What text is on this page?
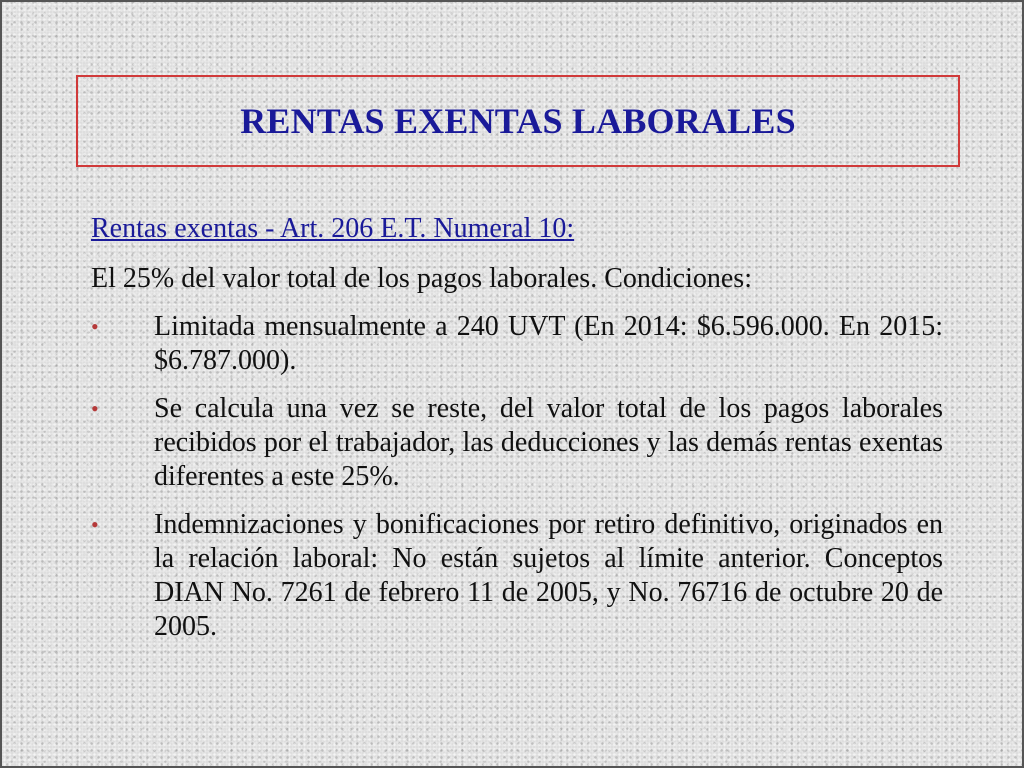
RENTAS EXENTAS LABORALES

Rentas exentas - Art. 206 E.T. Numeral 10:

El 25% del valor total de los pagos laborales. Condiciones:

• Limitada mensualmente a 240 UVT (En 2014: $6.596.000. En 2015: $6.787.000).
• Se calcula una vez se reste, del valor total de los pagos laborales recibidos por el trabajador, las deducciones y las demás rentas exentas diferentes a este 25%.
• Indemnizaciones y bonificaciones por retiro definitivo, originados en la relación laboral: No están sujetos al límite anterior. Conceptos DIAN No. 7261 de febrero 11 de 2005, y No. 76716 de octubre 20 de 2005.
